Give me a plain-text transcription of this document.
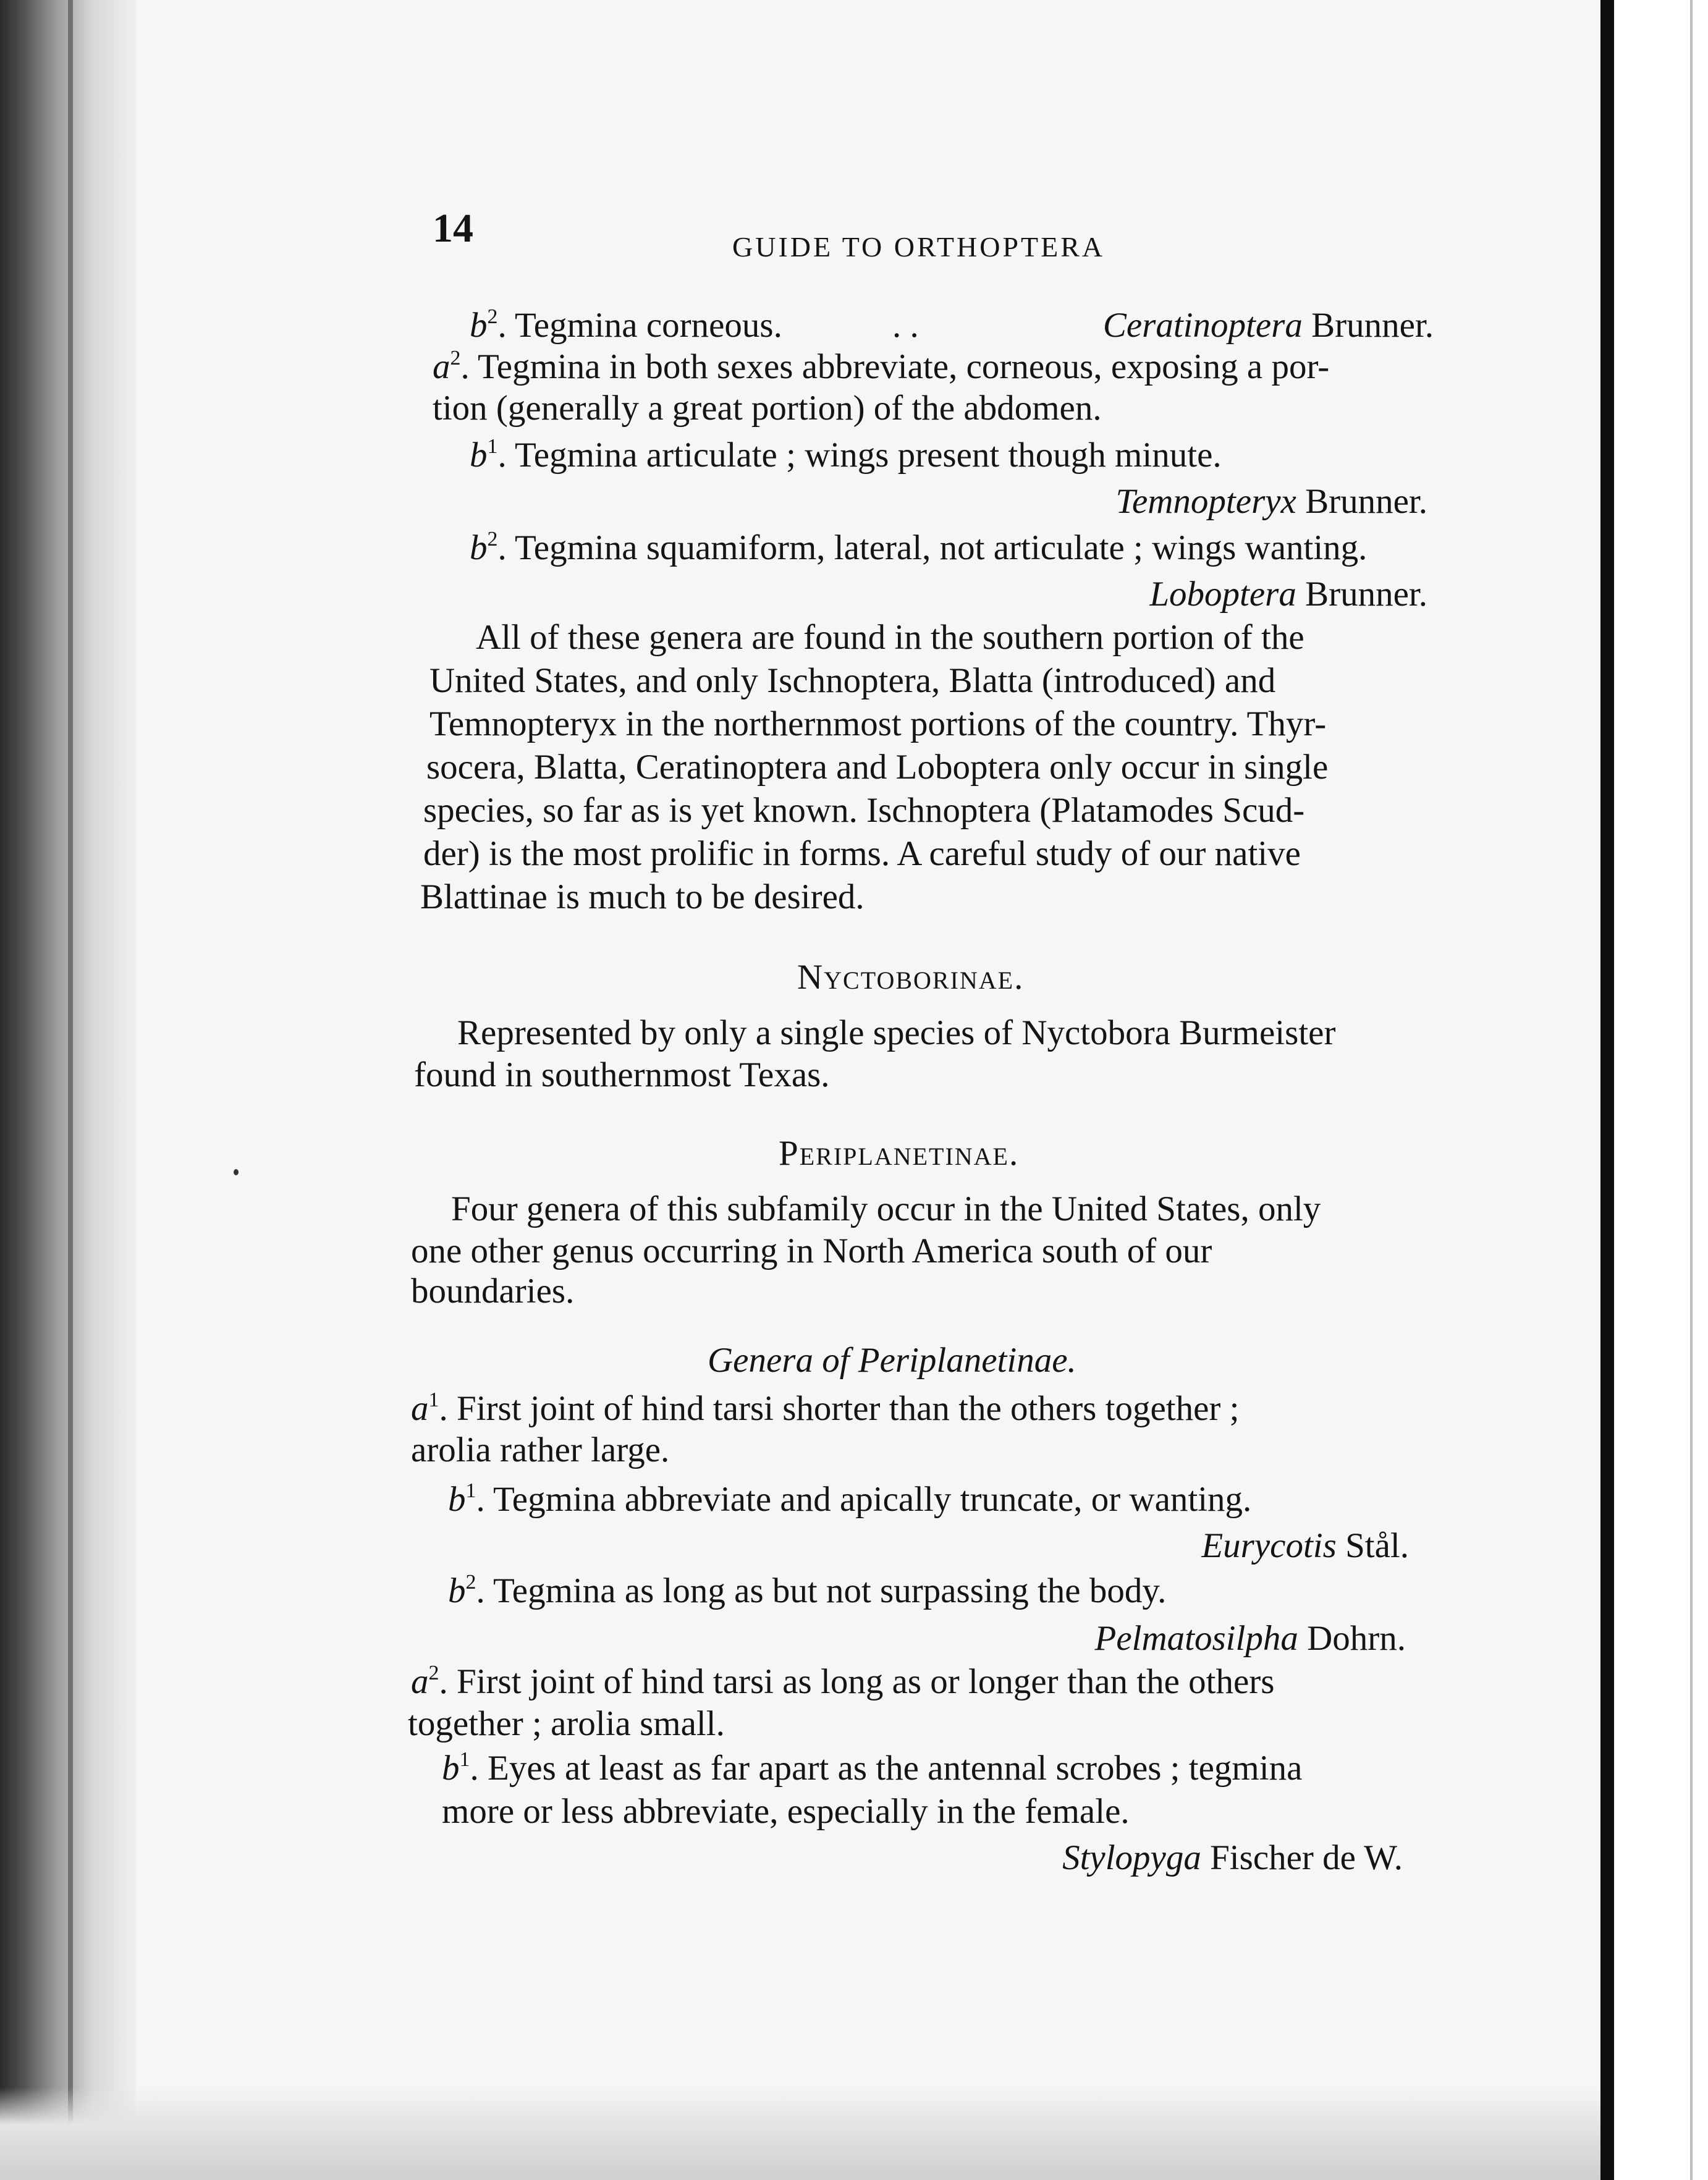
14	GUIDE TO ORTHOPTERA
$b^2$. Tegmina corneous.	. .	Ceratinoptera Brunner.
$a^2$. Tegmina in both sexes abbreviate, corneous, exposing a por-
tion (generally a great portion) of the abdomen.
$b^1$. Tegmina articulate ; wings present though minute.
Temnopteryx Brunner.
$b^2$. Tegmina squamiform, lateral, not articulate ; wings wanting.
Loboptera Brunner.
All of these genera are found in the southern portion of the
United States, and only Ischnoptera, Blatta (introduced) and
Temnopteryx in the northernmost portions of the country. Thyr-
socera, Blatta, Ceratinoptera and Loboptera only occur in single
species, so far as is yet known. Ischnoptera (Platamodes Scud-
der) is the most prolific in forms. A careful study of our native
Blattinae is much to be desired.
Nyctoborinae.
Represented by only a single species of Nyctobora Burmeister
found in southernmost Texas.
Periplanetinae.
Four genera of this subfamily occur in the United States, only
one other genus occurring in North America south of our
boundaries.
Genera of Periplanetinae.
$a^1$. First joint of hind tarsi shorter than the others together ;
arolia rather large.
$b^1$. Tegmina abbreviate and apically truncate, or wanting.
Eurycotis Stål.
$b^2$. Tegmina as long as but not surpassing the body.
Pelmatosilpha Dohrn.
$a^2$. First joint of hind tarsi as long as or longer than the others
together ; arolia small.
$b^1$. Eyes at least as far apart as the antennal scrobes ; tegmina
more or less abbreviate, especially in the female.
Stylopyga Fischer de W.
